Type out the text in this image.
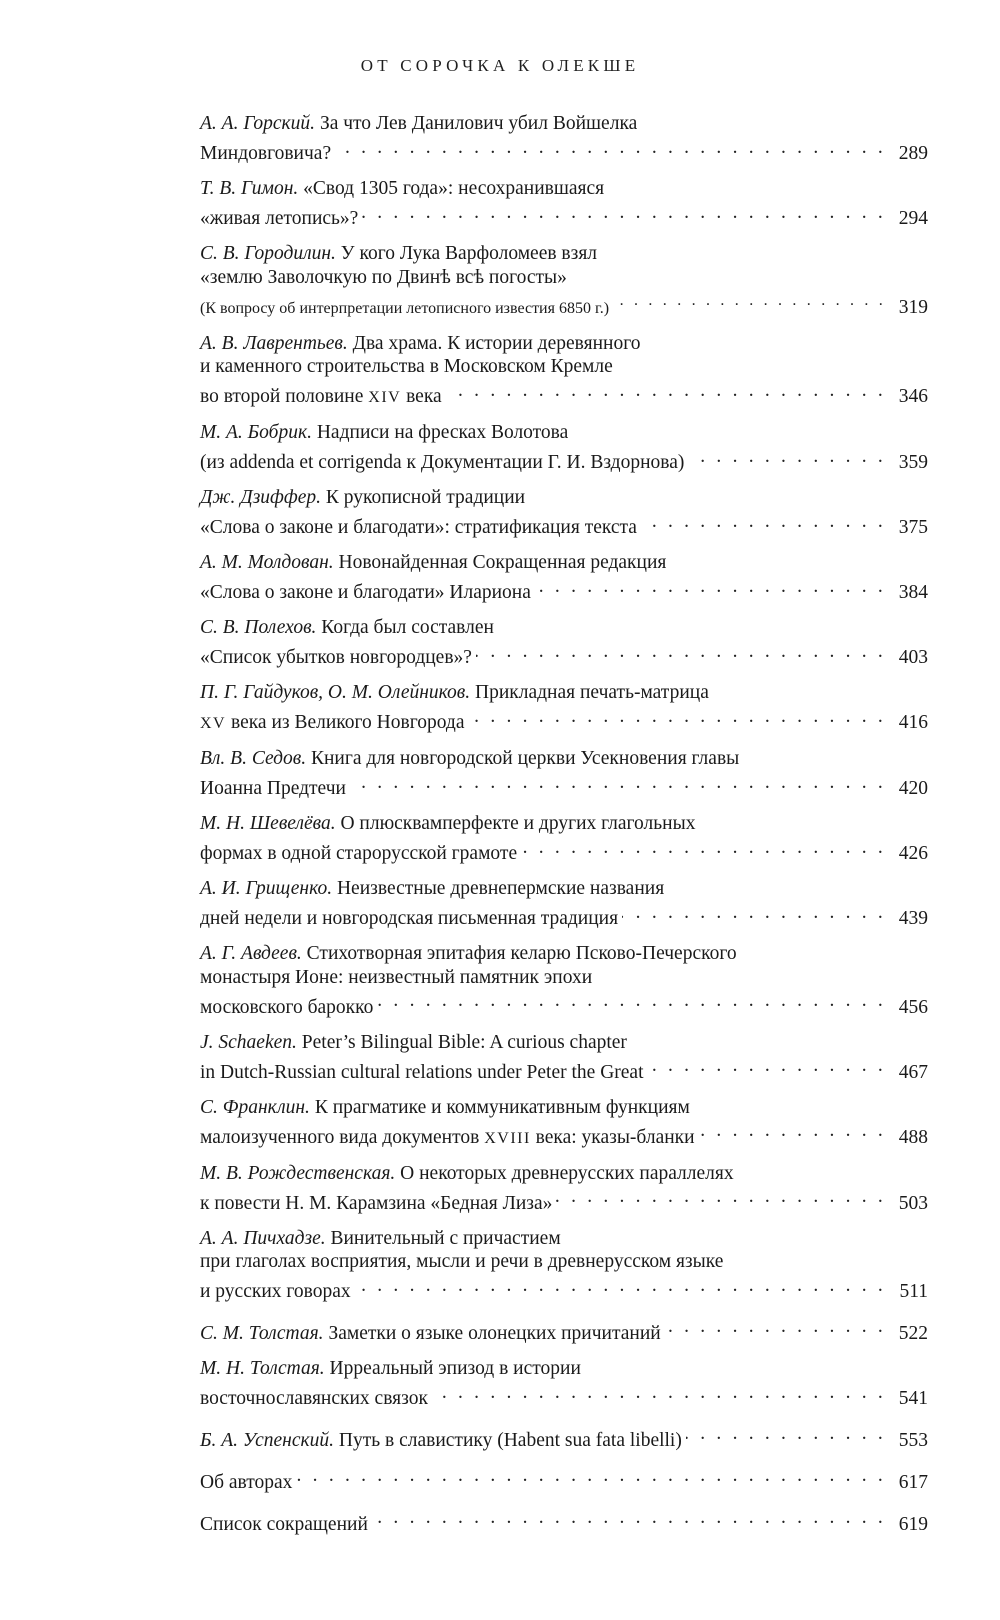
ОТ СОРОЧКА К ОЛЕКШЕ
А. А. Горский. За что Лев Данилович убил Войшелка
Миндовговича? . . .	289
Т. В. Гимон. «Свод 1305 года»: несохранившаяся
«живая летопись»? . . .	294
С. В. Городилин. У кого Лука Варфоломеев взял
«землю Заволочкую по Двинѣ всѣ погосты»
(К вопросу об интерпретации летописного известия 6850 г.) . . .	319
А. В. Лаврентьев. Два храма. К истории деревянного
и каменного строительства в Московском Кремле
во второй половине XIV века . . .	346
М. А. Бобрик. Надписи на фресках Волотова
(из addenda et corrigenda к Документации Г. И. Вздорнова) . . .	359
Дж. Дзиффер. К рукописной традиции
«Слова о законе и благодати»: стратификация текста . . .	375
А. М. Молдован. Новонайденная Сокращенная редакция
«Слова о законе и благодати» Илариона . . .	384
С. В. Полехов. Когда был составлен
«Список убытков новгородцев»? . . .	403
П. Г. Гайдуков, О. М. Олейников. Прикладная печать-матрица
XV века из Великого Новгорода . . .	416
Вл. В. Седов. Книга для новгородской церкви Усекновения главы
Иоанна Предтечи . . .	420
М. Н. Шевелёва. О плюсквамперфекте и других глагольных
формах в одной старорусской грамоте . . .	426
А. И. Грищенко. Неизвестные древнепермские названия
дней недели и новгородская письменная традиция . . .	439
А. Г. Авдеев. Стихотворная эпитафия келарю Псково-Печерского
монастыря Ионе: неизвестный памятник эпохи
московского барокко . . .	456
J. Schaeken. Peter’s Bilingual Bible: A curious chapter
in Dutch-Russian cultural relations under Peter the Great . . .	467
С. Франклин. К прагматике и коммуникативным функциям
малоизученного вида документов XVIII века: указы-бланки . . .	488
М. В. Рождественская. О некоторых древнерусских параллелях
к повести Н. М. Карамзина «Бедная Лиза» . . .	503
А. А. Пичхадзе. Винительный с причастием
при глаголах восприятия, мысли и речи в древнерусском языке
и русских говорах . . .	511
С. М. Толстая. Заметки о языке олонецких причитаний . . .	522
М. Н. Толстая. Ирреальный эпизод в истории
восточнославянских связок . . .	541
Б. А. Успенский. Путь в славистику (Habent sua fata libelli) . . .	553
Об авторах . . .	617
Список сокращений . . .	619
